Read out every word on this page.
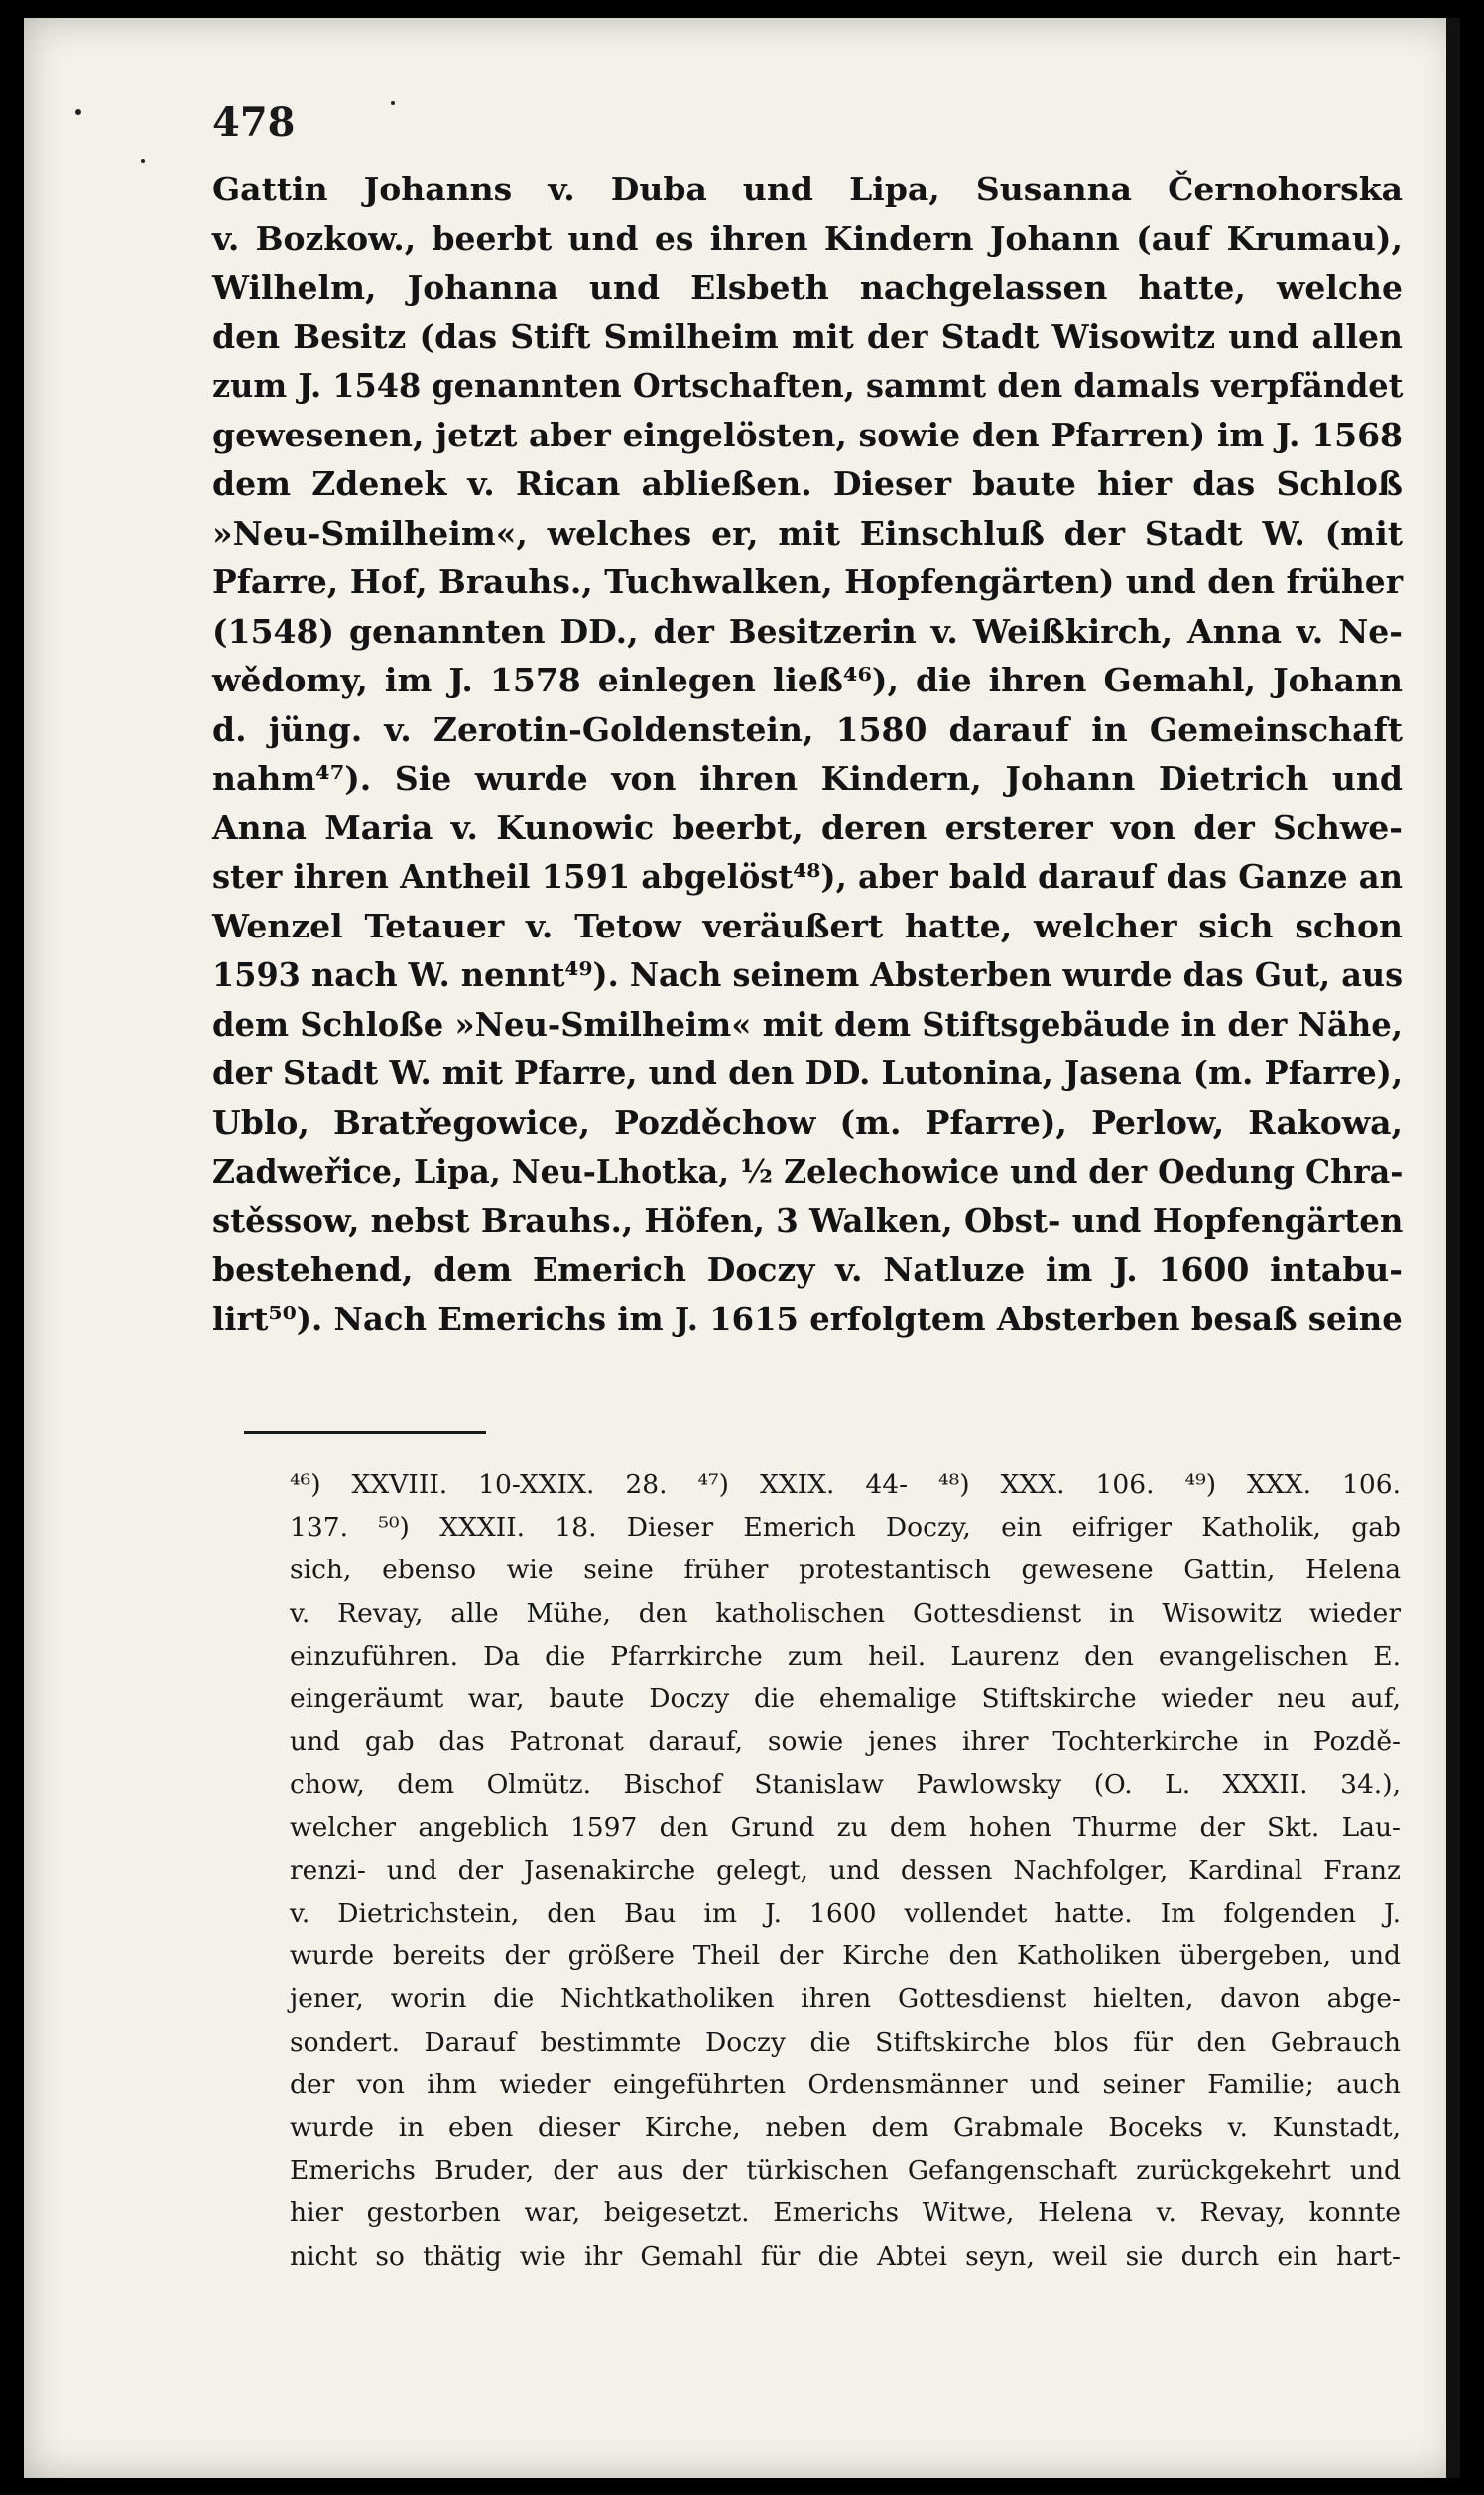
478
Gattin Johanns v. Duba und Lipa, Susanna Černohorska
v. Bozkow., beerbt und es ihren Kindern Johann (auf Krumau),
Wilhelm, Johanna und Elsbeth nachgelassen hatte, welche
den Besitz (das Stift Smilheim mit der Stadt Wisowitz und allen
zum J. 1548 genannten Ortschaften, sammt den damals verpfändet
gewesenen, jetzt aber eingelösten, sowie den Pfarren) im J. 1568
dem Zdenek v. Rican abließen. Dieser baute hier das Schloß
»Neu-Smilheim«, welches er, mit Einschluß der Stadt W. (mit
Pfarre, Hof, Brauhs., Tuchwalken, Hopfengärten) und den früher
(1548) genannten DD., der Besitzerin v. Weißkirch, Anna v. Ne-
wědomy, im J. 1578 einlegen ließ⁴⁶), die ihren Gemahl, Johann
d. jüng. v. Zerotin-Goldenstein, 1580 darauf in Gemeinschaft
nahm⁴⁷). Sie wurde von ihren Kindern, Johann Dietrich und
Anna Maria v. Kunowic beerbt, deren ersterer von der Schwe-
ster ihren Antheil 1591 abgelöst⁴⁸), aber bald darauf das Ganze an
Wenzel Tetauer v. Tetow veräußert hatte, welcher sich schon
1593 nach W. nennt⁴⁹). Nach seinem Absterben wurde das Gut, aus
dem Schloße »Neu-Smilheim« mit dem Stiftsgebäude in der Nähe,
der Stadt W. mit Pfarre, und den DD. Lutonina, Jasena (m. Pfarre),
Ublo, Bratřegowice, Pozděchow (m. Pfarre), Perlow, Rakowa,
Zadweřice, Lipa, Neu-Lhotka, ½ Zelechowice und der Oedung Chra-
stěssow, nebst Brauhs., Höfen, 3 Walken, Obst- und Hopfengärten
bestehend, dem Emerich Doczy v. Natluze im J. 1600 intabu-
lirt⁵⁰). Nach Emerichs im J. 1615 erfolgtem Absterben besaß seine
⁴⁶) XXVIII. 10-XXIX. 28. ⁴⁷) XXIX. 44- ⁴⁸) XXX. 106. ⁴⁹) XXX. 106.
137. ⁵⁰) XXXII. 18. Dieser Emerich Doczy, ein eifriger Katholik, gab
sich, ebenso wie seine früher protestantisch gewesene Gattin, Helena
v. Revay, alle Mühe, den katholischen Gottesdienst in Wisowitz wieder
einzuführen. Da die Pfarrkirche zum heil. Laurenz den evangelischen E.
eingeräumt war, baute Doczy die ehemalige Stiftskirche wieder neu auf,
und gab das Patronat darauf, sowie jenes ihrer Tochterkirche in Pozdě-
chow, dem Olmütz. Bischof Stanislaw Pawlowsky (O. L. XXXII. 34.),
welcher angeblich 1597 den Grund zu dem hohen Thurme der Skt. Lau-
renzi- und der Jasenakirche gelegt, und dessen Nachfolger, Kardinal Franz
v. Dietrichstein, den Bau im J. 1600 vollendet hatte. Im folgenden J.
wurde bereits der größere Theil der Kirche den Katholiken übergeben, und
jener, worin die Nichtkatholiken ihren Gottesdienst hielten, davon abge-
sondert. Darauf bestimmte Doczy die Stiftskirche blos für den Gebrauch
der von ihm wieder eingeführten Ordensmänner und seiner Familie; auch
wurde in eben dieser Kirche, neben dem Grabmale Boceks v. Kunstadt,
Emerichs Bruder, der aus der türkischen Gefangenschaft zurückgekehrt und
hier gestorben war, beigesetzt. Emerichs Witwe, Helena v. Revay, konnte
nicht so thätig wie ihr Gemahl für die Abtei seyn, weil sie durch ein hart-
